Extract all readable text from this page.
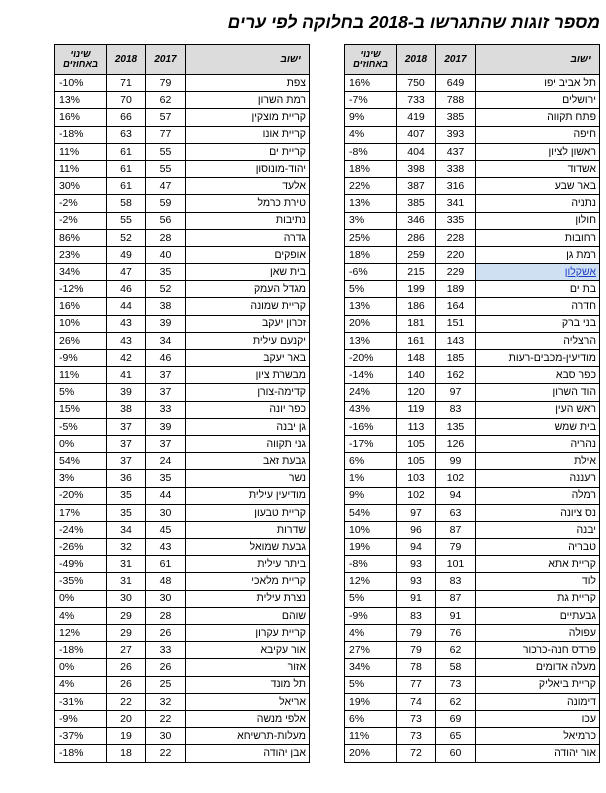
מספר זוגות שהתגרשו ב-2018 בחלוקה לפי ערים
ישוב	2017	2018	שינוי באחוזים
תל אביב יפו	649	750	16%
ירושלים	788	733	-7%
פתח תקווה	385	419	9%
חיפה	393	407	4%
ראשון לציון	437	404	-8%
אשדוד	338	398	18%
באר שבע	316	387	22%
נתניה	341	385	13%
חולון	335	346	3%
רחובות	228	286	25%
רמת גן	220	259	18%
אשקלון	229	215	-6%
בת ים	189	199	5%
חדרה	164	186	13%
בני ברק	151	181	20%
הרצליה	143	161	13%
מודיעין-מכבים-רעות	185	148	-20%
כפר סבא	162	140	-14%
הוד השרון	97	120	24%
ראש העין	83	119	43%
בית שמש	135	113	-16%
נהריה	126	105	-17%
אילת	99	105	6%
רעננה	102	103	1%
רמלה	94	102	9%
נס ציונה	63	97	54%
יבנה	87	96	10%
טבריה	79	94	19%
קריית אתא	101	93	-8%
לוד	83	93	12%
קריית גת	87	91	5%
גבעתיים	91	83	-9%
עפולה	76	79	4%
פרדס חנה-כרכור	62	79	27%
מעלה אדומים	58	78	34%
קריית ביאליק	73	77	5%
דימונה	62	74	19%
עכו	69	73	6%
כרמיאל	65	73	11%
אור יהודה	60	72	20%
ישוב	2017	2018	שינוי באחוזים
צפת	79	71	-10%
רמת השרון	62	70	13%
קריית מוצקין	57	66	16%
קריית אונו	77	63	-18%
קריית ים	55	61	11%
יהוד-מונוסון	55	61	11%
אלעד	47	61	30%
טירת כרמל	59	58	-2%
נתיבות	56	55	-2%
גדרה	28	52	86%
אופקים	40	49	23%
בית שאן	35	47	34%
מגדל העמק	52	46	-12%
קריית שמונה	38	44	16%
זכרון יעקב	39	43	10%
יקנעם עילית	34	43	26%
באר יעקב	46	42	-9%
מבשרת ציון	37	41	11%
קדימה-צורן	37	39	5%
כפר יונה	33	38	15%
גן יבנה	39	37	-5%
גני תקווה	37	37	0%
גבעת זאב	24	37	54%
נשר	35	36	3%
מודיעין עילית	44	35	-20%
קריית טבעון	30	35	17%
שדרות	45	34	-24%
גבעת שמואל	43	32	-26%
ביתר עילית	61	31	-49%
קריית מלאכי	48	31	-35%
נצרת עילית	30	30	0%
שוהם	28	29	4%
קריית עקרון	26	29	12%
אור עקיבא	33	27	-18%
אזור	26	26	0%
תל מונד	25	26	4%
אריאל	32	22	-31%
אלפי מנשה	22	20	-9%
מעלות-תרשיחא	30	19	-37%
אבן יהודה	22	18	-18%
